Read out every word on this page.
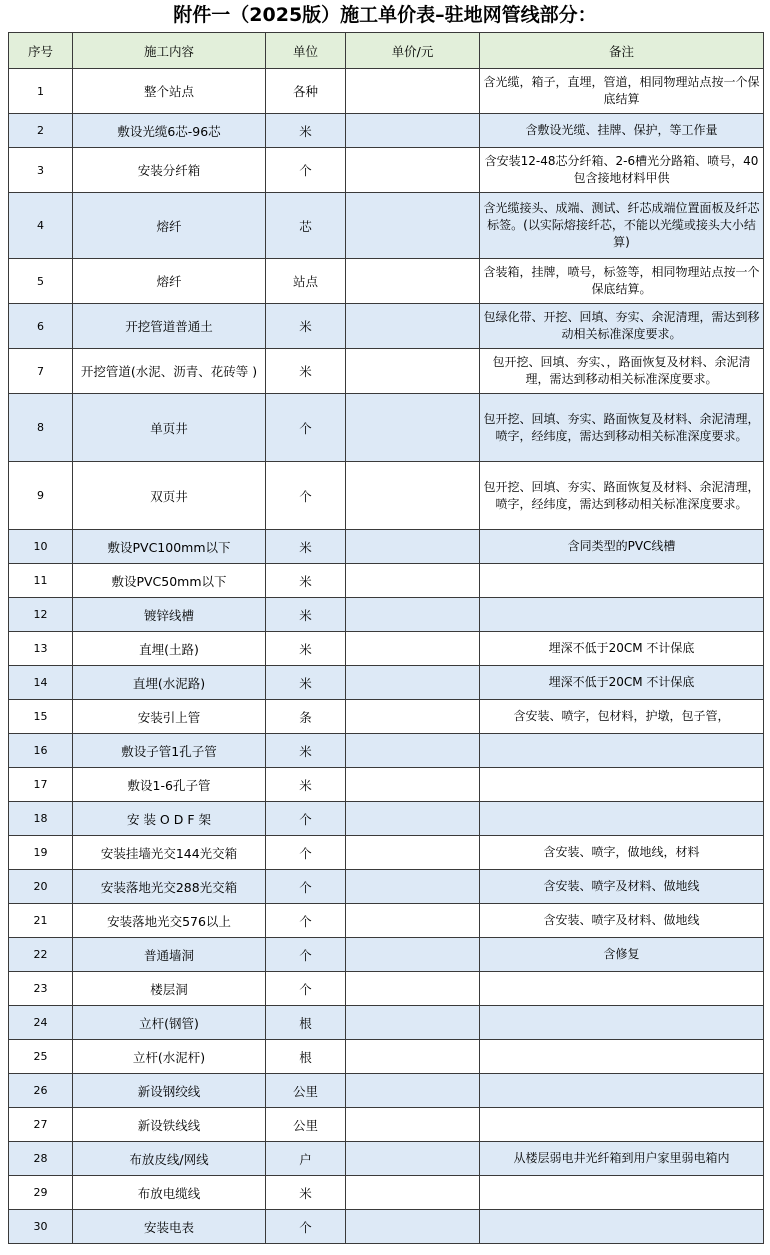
附件一（2025版）施工单价表–驻地网管线部分：
序号	施工内容	单位	单价/元	备注
1	整个站点	各种		含光缆，箱子，直埋，管道，相同物理站点按一个保底结算
2	敷设光缆6芯-96芯	米		含敷设光缆、挂牌、保护，等工作量
3	安装分纤箱	个		含安装12-48芯分纤箱、2-6槽光分路箱、喷号，40包含接地材料甲供
4	熔纤	芯		含光缆接头、成端、测试、纤芯成端位置面板及纤芯标签。(以实际熔接纤芯，不能以光缆或接头大小结算)
5	熔纤	站点		含装箱，挂牌，喷号，标签等，相同物理站点按一个保底结算。
6	开挖管道普通土	米		包绿化带、开挖、回填、夯实、余泥清理，需达到移动相关标准深度要求。
7	开挖管道(水泥、沥青、花砖等 )	米		包开挖、回填、夯实、，路面恢复及材料、余泥清理，需达到移动相关标准深度要求。
8	单页井	个		包开挖、回填、夯实、路面恢复及材料、余泥清理，喷字，经纬度，需达到移动相关标准深度要求。
9	双页井	个		包开挖、回填、夯实、路面恢复及材料、余泥清理，喷字，经纬度，需达到移动相关标准深度要求。
10	敷设PVC100mm以下	米		含同类型的PVC线槽
11	敷设PVC50mm以下	米		
12	镀锌线槽	米		
13	直埋(土路)	米		埋深不低于20CM 不计保底
14	直埋(水泥路)	米		埋深不低于20CM 不计保底
15	安装引上管	条		含安装、喷字，包材料，护墩，包子管，
16	敷设子管1孔子管	米		
17	敷设1-6孔子管	米		
18	安 装 O D F 架	个		
19	安装挂墙光交144光交箱	个		含安装、喷字，做地线，材料
20	安装落地光交288光交箱	个		含安装、喷字及材料、做地线
21	安装落地光交576以上	个		含安装、喷字及材料、做地线
22	普通墙洞	个		含修复
23	楼层洞	个		
24	立杆(钢管)	根		
25	立杆(水泥杆)	根		
26	新设钢绞线	公里		
27	新设铁线线	公里		
28	布放皮线/网线	户		从楼层弱电井光纤箱到用户家里弱电箱内
29	布放电缆线	米		
30	安装电表	个		
